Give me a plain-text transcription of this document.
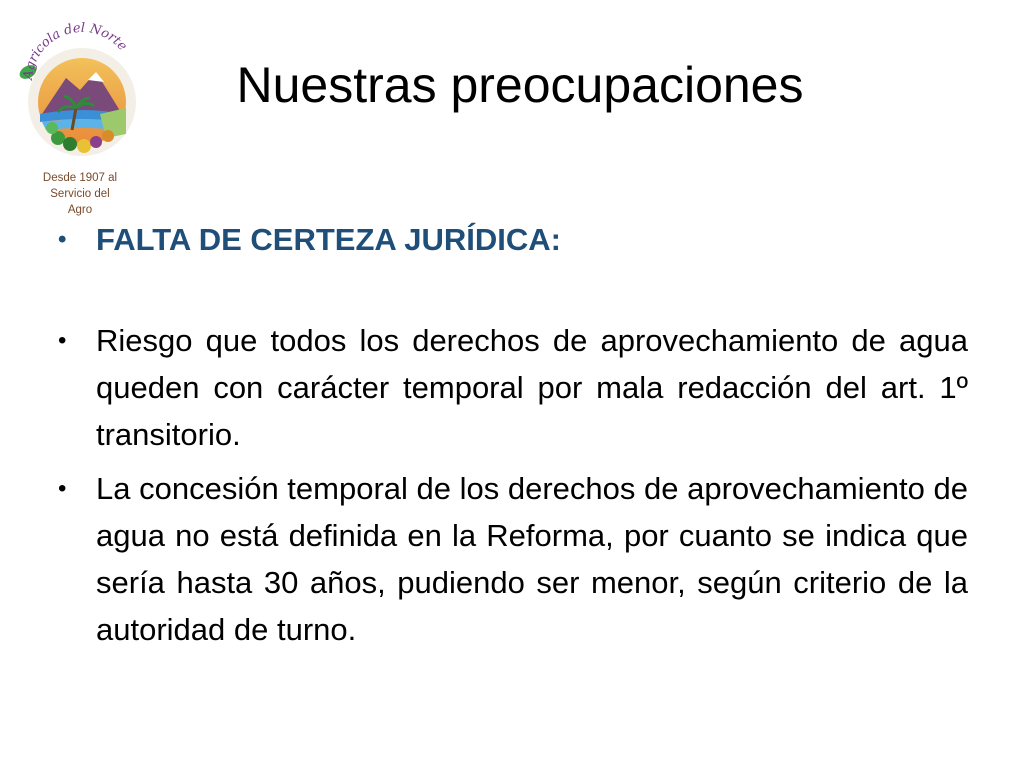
Agricola del Norte
Desde 1907 al
Servicio del
Agro
Nuestras preocupaciones
• FALTA DE CERTEZA JURÍDICA:
• Riesgo que todos los derechos de aprovechamiento de agua queden con carácter temporal por mala redacción del art. 1º transitorio.
• La concesión temporal de los derechos de aprovechamiento de agua no está definida en la Reforma, por cuanto se indica que sería hasta 30 años, pudiendo ser menor, según criterio de la autoridad de turno.
